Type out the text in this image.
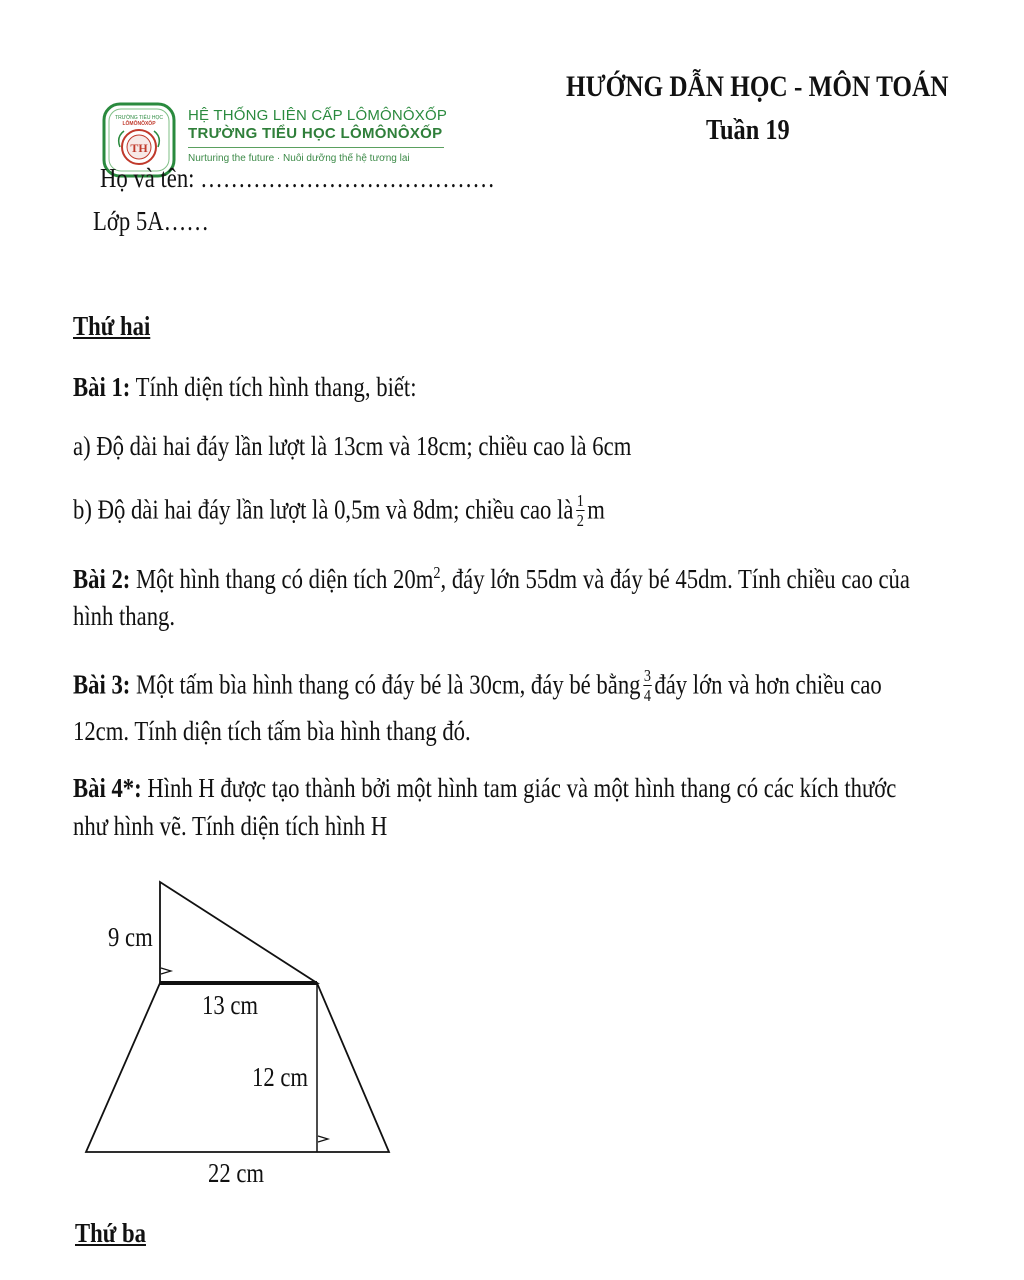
TRƯỜNG TIỂU HỌC
LÔMÔNÔXỐP
TH
HỆ THỐNG LIÊN CẤP LÔMÔNÔXỐP
TRƯỜNG TIỂU HỌC LÔMÔNÔXỐP
Nurturing the future · Nuôi dưỡng thế hệ tương lai
HƯỚNG DẪN HỌC - MÔN TOÁN
Tuần 19
Họ và tên: …………………………………
Lớp 5A……
Thứ hai
Bài 1: Tính diện tích hình thang, biết:
a) Độ dài hai đáy lần lượt là 13cm và 18cm; chiều cao là 6cm
b) Độ dài hai đáy lần lượt là 0,5m và 8dm; chiều cao là $\frac{1}{2}$ m
Bài 2: Một hình thang có diện tích $20m^2$, đáy lớn 55dm và đáy bé 45dm. Tính chiều cao của
hình thang.
Bài 3: Một tấm bìa hình thang có đáy bé là 30cm, đáy bé bằng $\frac{3}{4}$ đáy lớn và hơn chiều cao
12cm. Tính diện tích tấm bìa hình thang đó.
Bài 4*: Hình H được tạo thành bởi một hình tam giác và một hình thang có các kích thước
như hình vẽ. Tính diện tích hình H
9 cm
13 cm
12 cm
22 cm
Thứ ba
